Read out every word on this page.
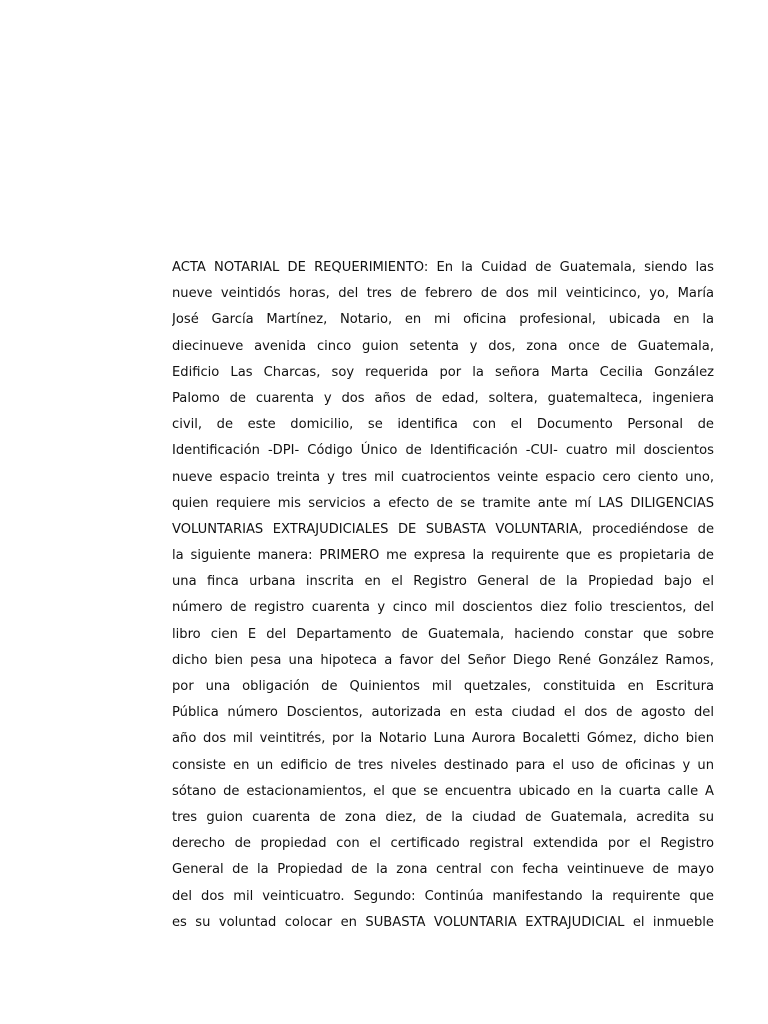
ACTA NOTARIAL DE REQUERIMIENTO: En la Cuidad de Guatemala, siendo las
nueve veintidós horas, del tres de febrero de dos mil veinticinco, yo, María
José García Martínez, Notario, en mi oficina profesional, ubicada en la
diecinueve avenida cinco guion setenta y dos, zona once de Guatemala,
Edificio Las Charcas, soy requerida por la señora Marta Cecilia González
Palomo de cuarenta y dos años de edad, soltera, guatemalteca, ingeniera
civil, de este domicilio, se identifica con el Documento Personal de
Identificación -DPI- Código Único de Identificación -CUI- cuatro mil doscientos
nueve espacio treinta y tres mil cuatrocientos veinte espacio cero ciento uno,
quien requiere mis servicios a efecto de se tramite ante mí LAS DILIGENCIAS
VOLUNTARIAS EXTRAJUDICIALES DE SUBASTA VOLUNTARIA, procediéndose de
la siguiente manera: PRIMERO me expresa la requirente que es propietaria de
una finca urbana inscrita en el Registro General de la Propiedad bajo el
número de registro cuarenta y cinco mil doscientos diez folio trescientos, del
libro cien E del Departamento de Guatemala, haciendo constar que sobre
dicho bien pesa una hipoteca a favor del Señor Diego René González Ramos,
por una obligación de Quinientos mil quetzales, constituida en Escritura
Pública número Doscientos, autorizada en esta ciudad el dos de agosto del
año dos mil veintitrés, por la Notario Luna Aurora Bocaletti Gómez, dicho bien
consiste en un edificio de tres niveles destinado para el uso de oficinas y un
sótano de estacionamientos, el que se encuentra ubicado en la cuarta calle A
tres guion cuarenta de zona diez, de la ciudad de Guatemala, acredita su
derecho de propiedad con el certificado registral extendida por el Registro
General de la Propiedad de la zona central con fecha veintinueve de mayo
del dos mil veinticuatro. Segundo: Continúa manifestando la requirente que
es su voluntad colocar en SUBASTA VOLUNTARIA EXTRAJUDICIAL el inmueble
